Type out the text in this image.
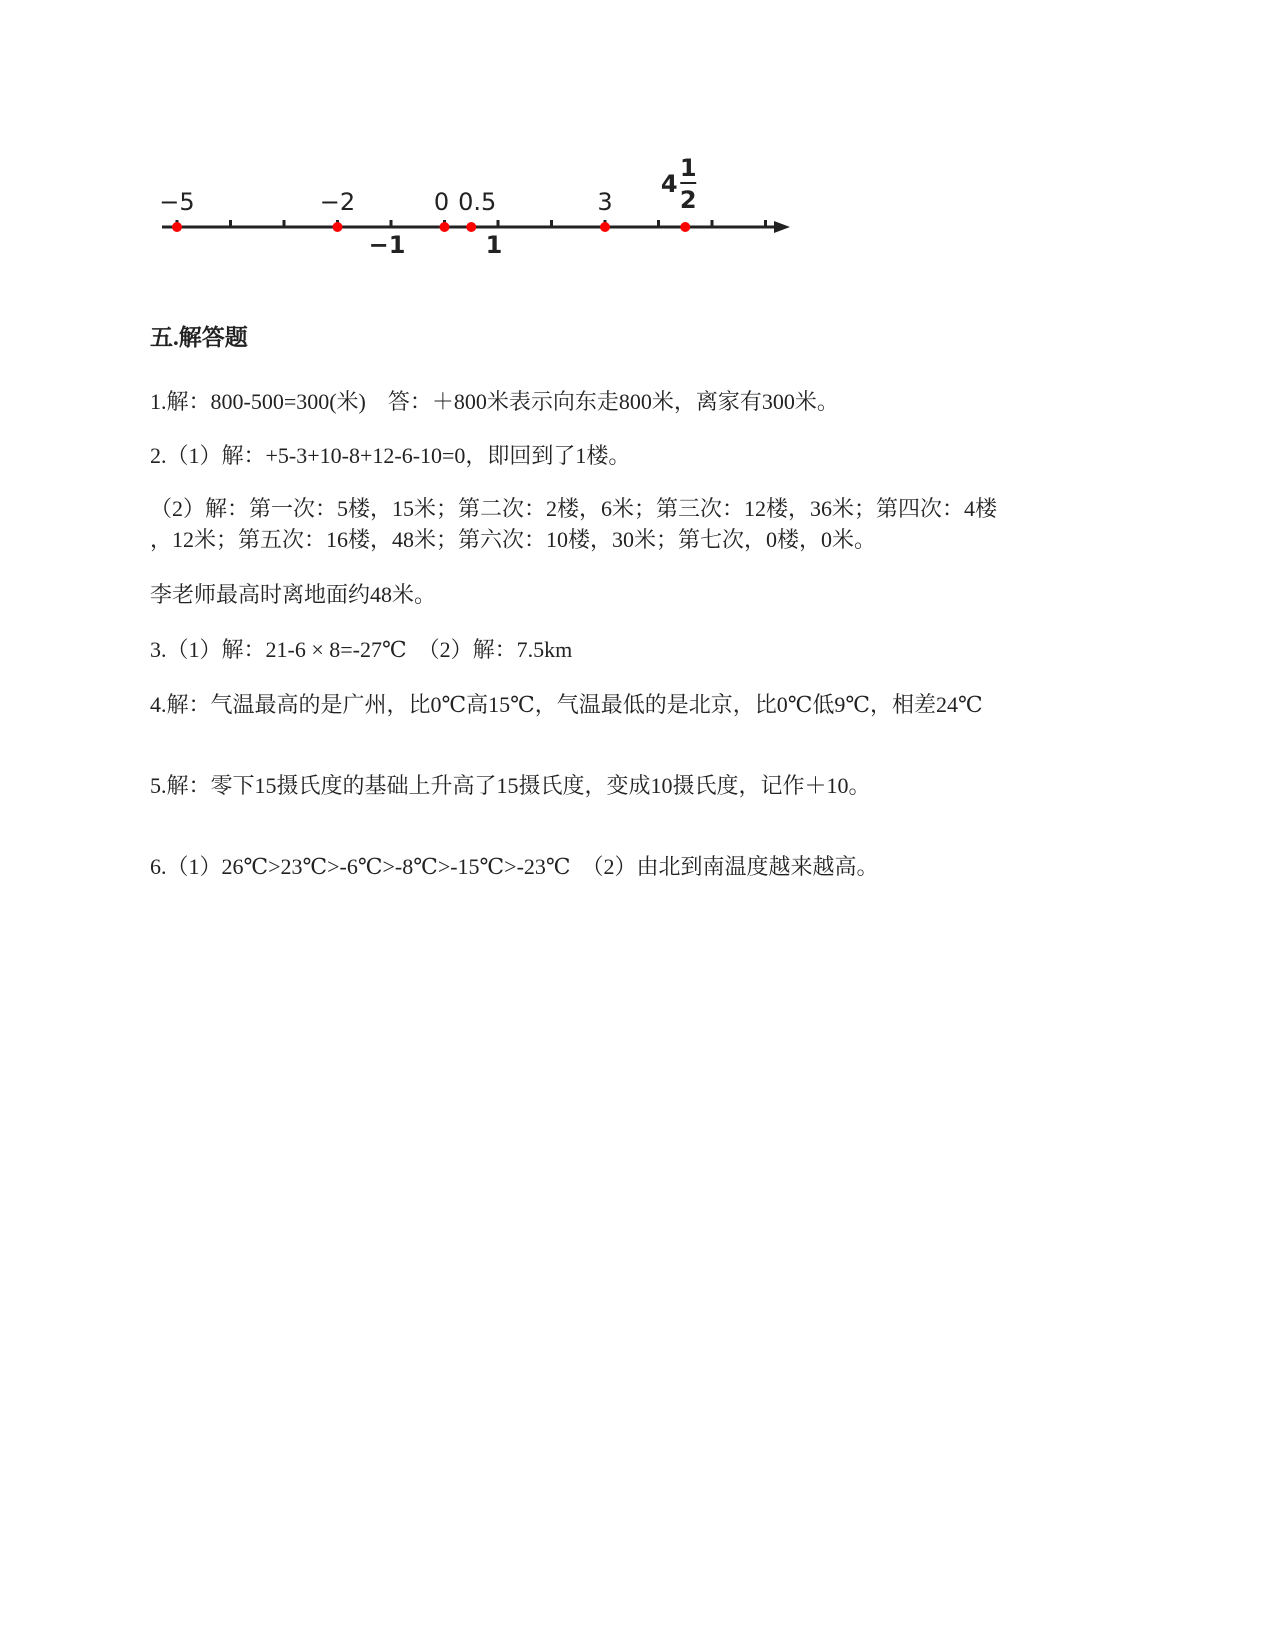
−5	−2	0 0.5	3
4
1
2
−1	1
五.解答题
1.解：800-500=300(米)　答：＋800米表示向东走800米，离家有300米。
2.（1）解：+5-3+10-8+12-6-10=0，即回到了1楼。
（2）解：第一次：5楼，15米；第二次：2楼，6米；第三次：12楼，36米；第四次：4楼
，12米；第五次：16楼，48米；第六次：10楼，30米；第七次，0楼，0米。
李老师最高时离地面约48米。
3.（1）解：21-6 × 8=-27℃　（2）解：7.5km
4.解：气温最高的是广州，比0℃高15℃，气温最低的是北京，比0℃低9℃，相差24℃
5.解：零下15摄氏度的基础上升高了15摄氏度，变成10摄氏度，记作＋10。
6.（1）26℃>23℃>-6℃>-8℃>-15℃>-23℃　（2）由北到南温度越来越高。
